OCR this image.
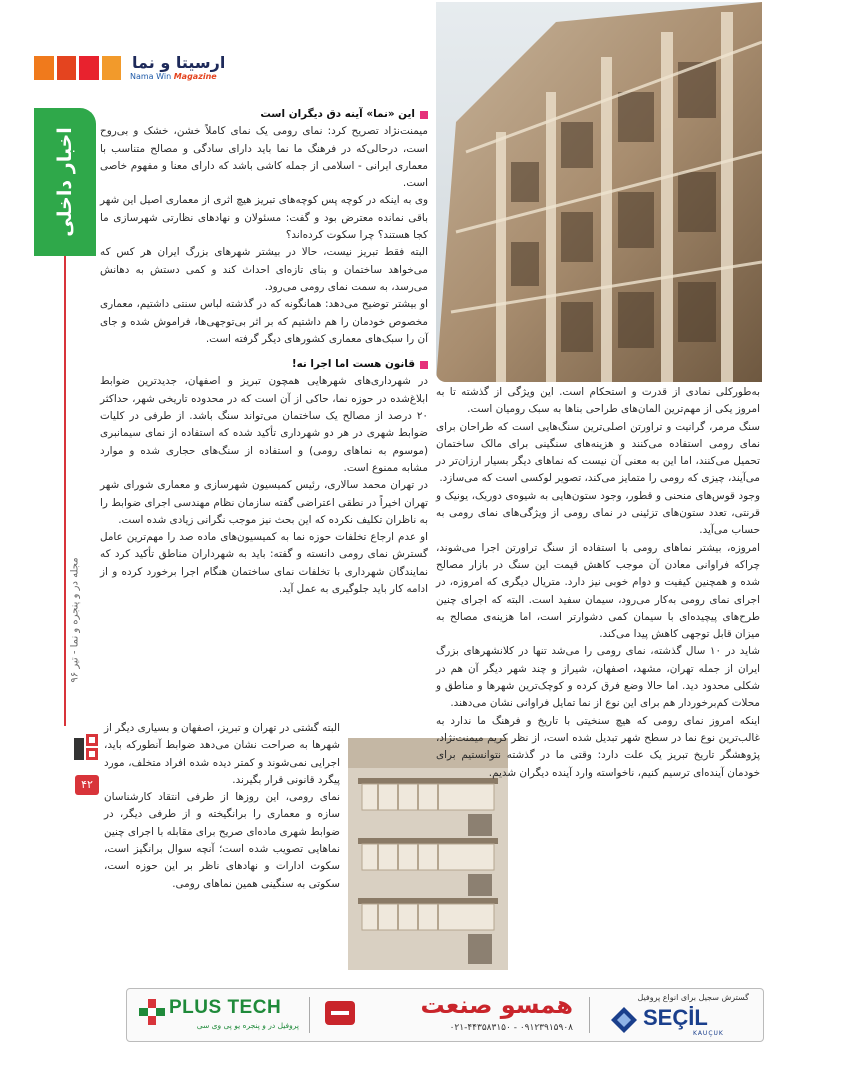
ارسیتا و نما
Nama Win Magazine
اخبار داخلی
مجله در و پنجره و نما - تیر ۹۶
۴۲
این «نما» آینه دق دیگران است

میمنت‌نژاد تصریح کرد: نمای رومی یک نمای کاملاً خشن، خشک و بی‌روح است، درحالی‌که در فرهنگ ما نما باید دارای سادگی و مصالح متناسب با معماری ایرانی - اسلامی از جمله کاشی باشد که دارای معنا و مفهوم خاصی است.

وی به اینکه در کوچه پس کوچه‌های تبریز هیچ اثری از معماری اصیل این شهر باقی نمانده معترض بود و گفت: مسئولان و نهادهای نظارتی شهرسازی ما کجا هستند؟ چرا سکوت کرده‌اند؟

البته فقط تبریز نیست، حالا در بیشتر شهرهای بزرگ ایران هر کس که می‌خواهد ساختمان و بنای تازه‌ای احداث کند و کمی دستش به دهانش می‌رسد، به سمت نمای رومی می‌رود.

او بیشتر توضیح می‌دهد: همانگونه که در گذشته لباس سنتی داشتیم، معماری مخصوص خودمان را هم داشتیم که بر اثر بی‌توجهی‌ها، فراموش شده و جای آن را سبک‌های معماری کشورهای دیگر گرفته است.

قانون هست اما اجرا نه!

در شهرداری‌های شهرهایی همچون تبریز و اصفهان، جدیدترین ضوابط ابلاغ‌شده در حوزه نما، حاکی از آن است که در محدوده تاریخی شهر، حداکثر ۲۰ درصد از مصالح یک ساختمان می‌تواند سنگ باشد. از طرفی در کلیات ضوابط شهری در هر دو شهرداری تأکید شده که استفاده از نمای سیمانبری (موسوم به نماهای رومی) و استفاده از سنگ‌های حجاری شده و موارد مشابه ممنوع است.

در تهران محمد سالاری، رئیس کمیسیون شهرسازی و معماری شورای شهر تهران اخیراً در نطقی اعتراضی گفته سازمان نظام مهندسی اجرای ضوابط را به ناظران تکلیف نکرده که این بحث نیز موجب نگرانی زیادی شده است.

او عدم ارجاع تخلفات حوزه نما به کمیسیون‌های ماده صد را مهم‌ترین عامل گسترش نمای رومی دانسته و گفته: باید به شهرداران مناطق تأکید کرد که نمایندگان شهرداری با تخلفات نمای ساختمان هنگام اجرا برخورد کرده و از ادامه کار باید جلوگیری به عمل آید.

به‌طورکلی نمادی از قدرت و استحکام است. این ویژگی از گذشته تا به امروز یکی از مهم‌ترین المان‌های طراحی بناها به سبک رومیان است.

سنگ مرمر، گرانیت و تراورتن اصلی‌ترین سنگ‌هایی است که طراحان برای نمای رومی استفاده می‌کنند و هزینه‌های سنگینی برای مالک ساختمان تحمیل می‌کنند، اما این به معنی آن نیست که نماهای دیگر بسیار ارزان‌تر در می‌آیند، چیزی که رومی را متمایز می‌کند، تصویر لوکسی است که می‌سازد.

وجود قوس‌های منحنی و قطور، وجود ستون‌هایی به شیوه‌ی دوریک، یونیک و قرنتی، تعدد ستون‌های تزئینی در نمای رومی از ویژگی‌های نمای رومی به حساب می‌آید.

امروزه، بیشتر نماهای رومی با استفاده از سنگ تراورتن اجرا می‌شوند، چراکه فراوانی معادن آن موجب کاهش قیمت این سنگ در بازار مصالح شده و همچنین کیفیت و دوام خوبی نیز دارد. متریال دیگری که امروزه، در اجرای نمای رومی به‌کار می‌رود، سیمان سفید است. البته که اجرای چنین طرح‌های پیچیده‌ای با سیمان کمی دشوارتر است، اما هزینه‌ی مصالح به میزان قابل توجهی کاهش پیدا می‌کند.

شاید در ۱۰ سال گذشته، نمای رومی را می‌شد تنها در کلانشهرهای بزرگ ایران از جمله تهران، مشهد، اصفهان، شیراز و چند شهر دیگر آن هم در شکلی محدود دید. اما حالا وضع فرق کرده و کوچک‌ترین شهرها و مناطق و محلات کم‌برخوردار هم برای این نوع از نما تمایل فراوانی نشان می‌دهند.

اینکه امروز نمای رومی که هیچ سنخیتی با تاریخ و فرهنگ ما ندارد به غالب‌ترین نوع نما در سطح شهر تبدیل شده است، از نظر کریم میمنت‌نژاد، پژوهشگر تاریخ تبریز یک علت دارد: وقتی ما در گذشته نتوانستیم برای خودمان آینده‌ای ترسیم کنیم، ناخواسته وارد آینده دیگران شدیم.

البته گشتی در تهران و تبریز، اصفهان و بسیاری دیگر از شهرها به صراحت نشان می‌دهد ضوابط آنطورکه باید، اجرایی نمی‌شوند و کمتر دیده شده افراد متخلف، مورد پیگرد قانونی قرار بگیرند.

نمای رومی، این روزها از طرفی انتقاد کارشناسان سازه و معماری را برانگیخته و از طرفی دیگر، در ضوابط شهری ماده‌ای صریح برای مقابله با اجرای چنین نماهایی تصویب شده است؛ آنچه سوال برانگیز است، سکوت ادارات و نهادهای ناظر بر این حوزه است، سکوتی به سنگینی همین نماهای رومی.

PLUS TECH
پروفیل در و پنجره یو پی وی سی
همسو صنعت
۰۲۱-۴۴۳۵۸۳۱۵۰ - ۰۹۱۲۳۹۱۵۹۰۸
گسترش سجیل برای انواع پروفیل
SEÇİL
KAUÇUK
